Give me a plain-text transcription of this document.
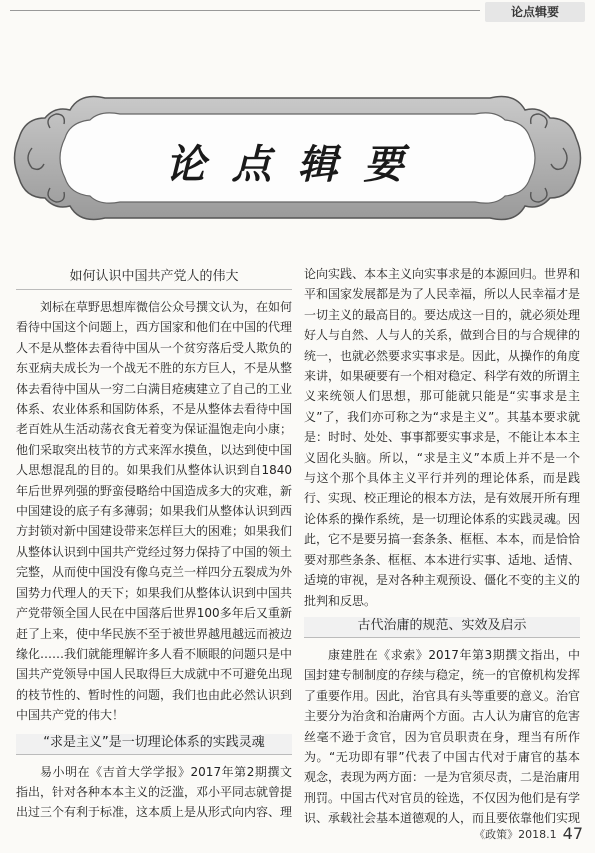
论点辑要
论点辑要
如何认识中国共产党人的伟大

刘标在草野思想库微信公众号撰文认为，在如何看待中国这个问题上，西方国家和他们在中国的代理人不是从整体去看待中国从一个贫穷落后受人欺负的东亚病夫成长为一个战无不胜的东方巨人，不是从整体去看待中国从一穷二白满目疮痍建立了自己的工业体系、农业体系和国防体系，不是从整体去看待中国老百姓从生活动荡衣食无着变为保证温饱走向小康；他们采取突出枝节的方式来浑水摸鱼，以达到使中国人思想混乱的目的。如果我们从整体认识到自1840年后世界列强的野蛮侵略给中国造成多大的灾难，新中国建设的底子有多薄弱；如果我们从整体认识到西方封锁对新中国建设带来怎样巨大的困难；如果我们从整体认识到中国共产党经过努力保持了中国的领土完整，从而使中国没有像乌克兰一样四分五裂成为外国势力代理人的天下；如果我们从整体认识到中国共产党带领全国人民在中国落后世界100多年后又重新赶了上来，使中华民族不至于被世界越甩越远而被边缘化……我们就能理解许多人看不顺眼的问题只是中国共产党领导中国人民取得巨大成就中不可避免出现的枝节性的、暂时性的问题，我们也由此必然认识到中国共产党的伟大！

“求是主义”是一切理论体系的实践灵魂

易小明在《吉首大学学报》2017年第2期撰文指出，针对各种本本主义的泛滥，邓小平同志就曾提出过三个有利于标准，这本质上是从形式向内容、理

论向实践、本本主义向实事求是的本源回归。世界和平和国家发展都是为了人民幸福，所以人民幸福才是一切主义的最高目的。要达成这一目的，就必须处理好人与自然、人与人的关系，做到合目的与合规律的统一，也就必然要求实事求是。因此，从操作的角度来讲，如果硬要有一个相对稳定、科学有效的所谓主义来统领人们思想，那可能就只能是“实事求是主义”了，我们亦可称之为“求是主义”。其基本要求就是：时时、处处、事事都要实事求是，不能让本本主义固化头脑。所以，“求是主义”本质上并不是一个与这个那个具体主义平行并列的理论体系，而是践行、实现、校正理论的根本方法，是有效展开所有理论体系的操作系统，是一切理论体系的实践灵魂。因此，它不是要另搞一套条条、框框、本本，而是恰恰要对那些条条、框框、本本进行实事、适地、适情、适境的审视，是对各种主观预设、僵化不变的主义的批判和反思。

古代治庸的规范、实效及启示

康建胜在《求索》2017年第3期撰文指出，中国封建专制制度的存续与稳定，统一的官僚机构发挥了重要作用。因此，治官具有头等重要的意义。治官主要分为治贪和治庸两个方面。古人认为庸官的危害丝毫不逊于贪官，因为官员职责在身，理当有所作为。“无功即有罪”代表了中国古代对于庸官的基本观念，表现为两方面：一是为官须尽责，二是治庸用刑罚。中国古代对官员的铨选，不仅因为他们是有学识、承载社会基本道德观的人，而且要依靠他们实现

《政策》2018.1 47
